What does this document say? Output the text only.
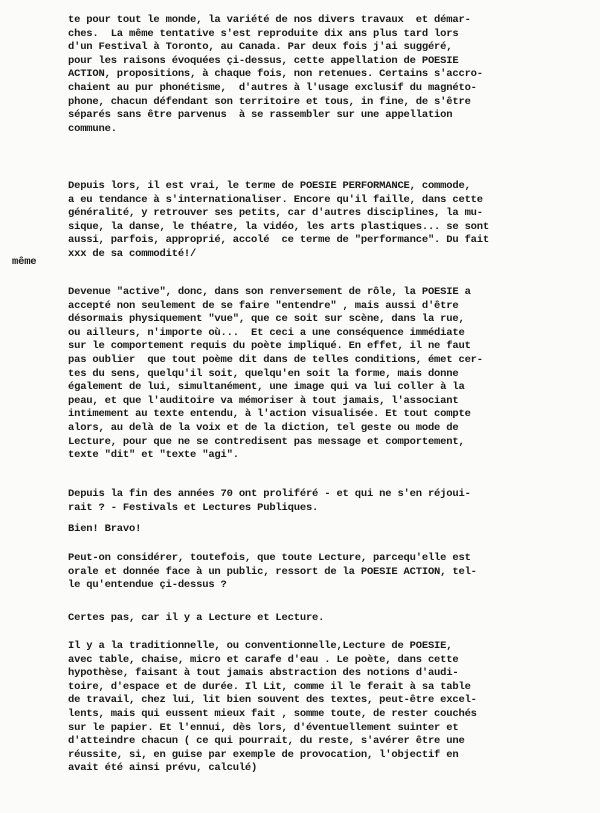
te pour tout le monde, la variété de nos divers travaux  et démar-
ches.  La même tentative s'est reproduite dix ans plus tard lors
d'un Festival à Toronto, au Canada. Par deux fois j'ai suggéré,
pour les raisons évoquées çi-dessus, cette appellation de POESIE
ACTION, propositions, à chaque fois, non retenues. Certains s'accro-
chaient au pur phonétisme,  d'autres à l'usage exclusif du magnéto-
phone, chacun défendant son territoire et tous, in fine, de s'être
séparés sans être parvenus  à se rassembler sur une appellation
commune.
Depuis lors, il est vrai, le terme de POESIE PERFORMANCE, commode,
a eu tendance à s'internationaliser. Encore qu'il faille, dans cette
généralité, y retrouver ses petits, car d'autres disciplines, la mu-
sique, la danse, le théatre, la vidéo, les arts plastiques... se sont
aussi, parfois, approprié, accolé  ce terme de "performance". Du fait
xxx de sa commodité!/
même
Devenue "active", donc, dans son renversement de rôle, la POESIE a
accepté non seulement de se faire "entendre" , mais aussi d'être
désormais physiquement "vue", que ce soit sur scène, dans la rue,
ou ailleurs, n'importe où...  Et ceci a une conséquence immédiate
sur le comportement requis du poète impliqué. En effet, il ne faut
pas oublier  que tout poème dit dans de telles conditions, émet cer-
tes du sens, quelqu'il soit, quelqu'en soit la forme, mais donne
également de lui, simultanément, une image qui va lui coller à la
peau, et que l'auditoire va mémoriser à tout jamais, l'associant
intimement au texte entendu, à l'action visualisée. Et tout compte
alors, au delà de la voix et de la diction, tel geste ou mode de
Lecture, pour que ne se contredisent pas message et comportement,
texte "dit" et "texte "agi".
Depuis la fin des années 70 ont proliféré - et qui ne s'en réjoui-
rait ? - Festivals et Lectures Publiques.
Bien! Bravo!
Peut-on considérer, toutefois, que toute Lecture, parcequ'elle est
orale et donnée face à un public, ressort de la POESIE ACTION, tel-
le qu'entendue çi-dessus ?
Certes pas, car il y a Lecture et Lecture.
Il y a la traditionnelle, ou conventionnelle,Lecture de POESIE,
avec table, chaise, micro et carafe d'eau . Le poète, dans cette
hypothèse, faisant à tout jamais abstraction des notions d'audi-
toire, d'espace et de durée. Il Lit, comme il le ferait à sa table
de travail, chez lui, lit bien souvent des textes, peut-être excel-
lents, mais qui eussent mieux fait , somme toute, de rester couchés
sur le papier. Et l'ennui, dès lors, d'éventuellement suinter et
d'atteindre chacun ( ce qui pourrait, du reste, s'avérer être une
réussite, si, en guise par exemple de provocation, l'objectif en
avait été ainsi prévu, calculé)
